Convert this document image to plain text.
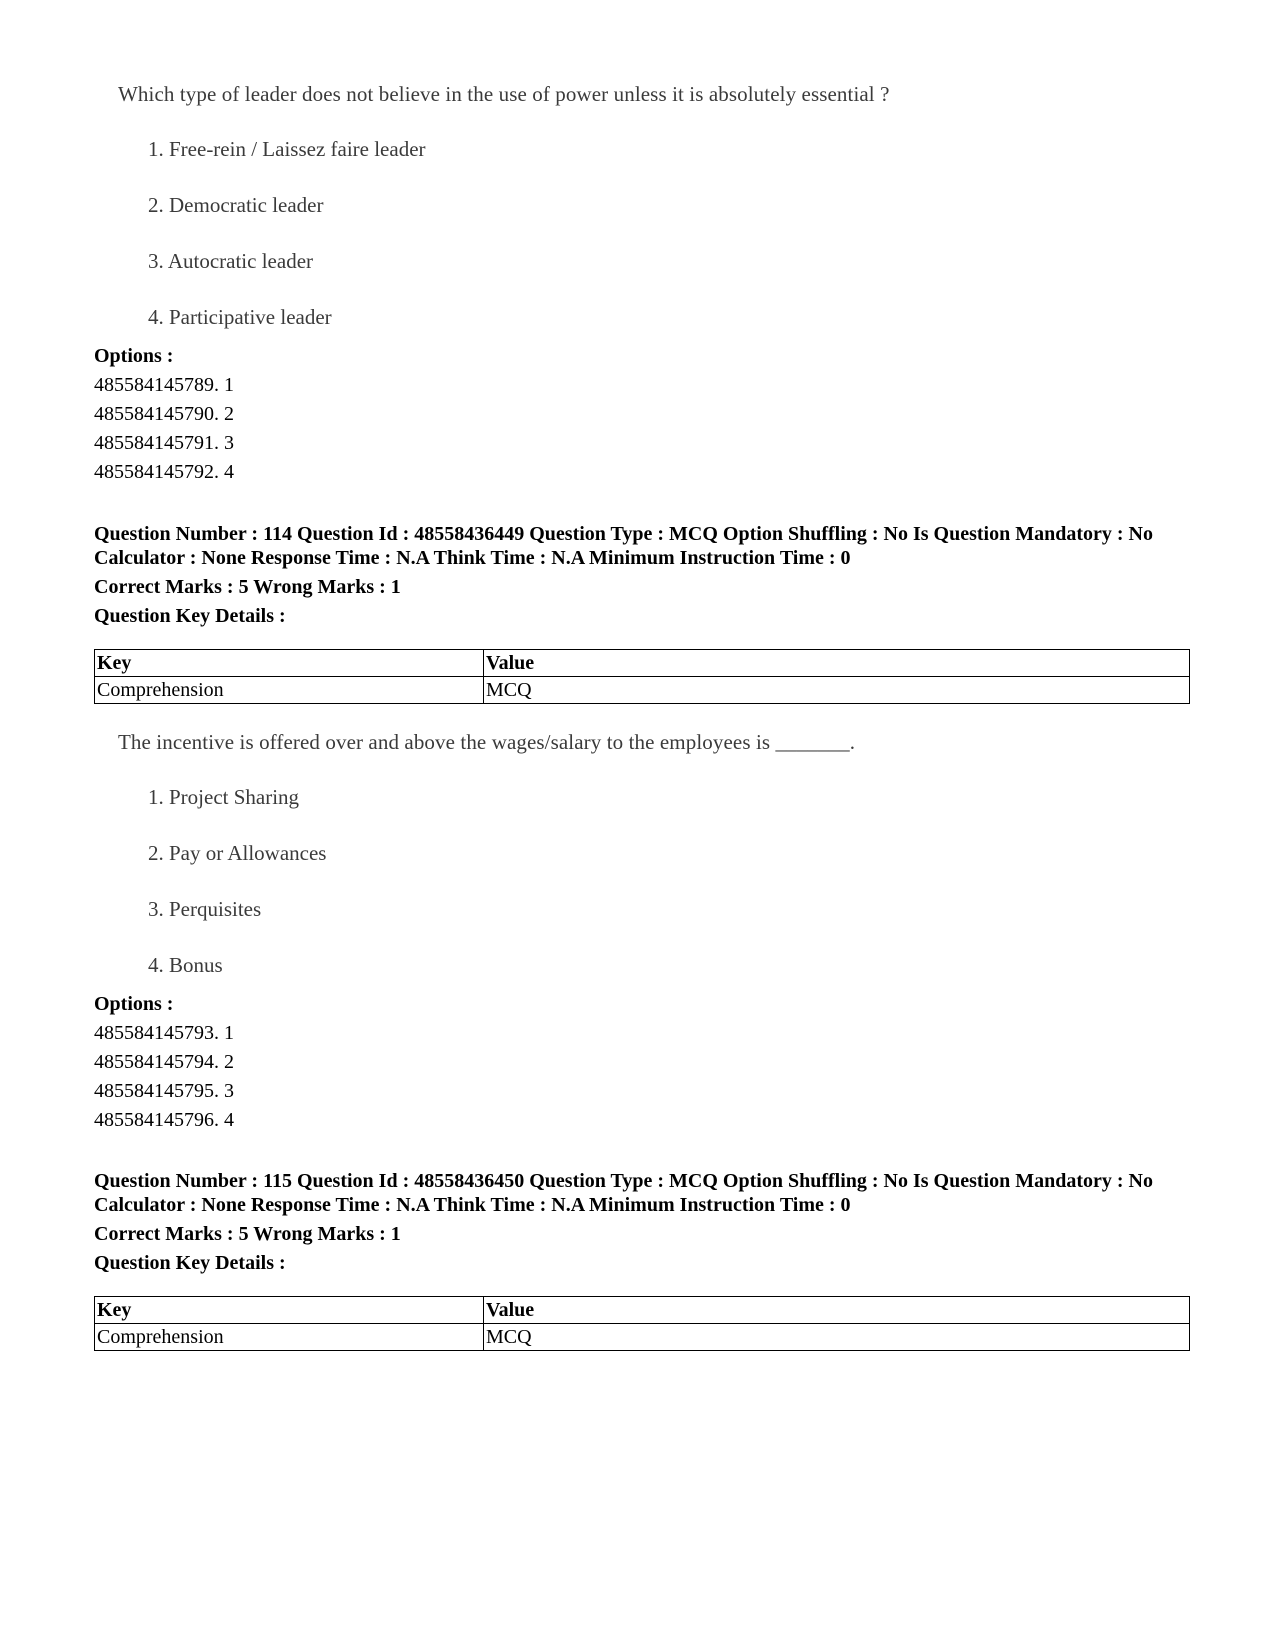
Which type of leader does not believe in the use of power unless it is absolutely essential ?
1. Free-rein / Laissez faire leader
2. Democratic leader
3. Autocratic leader
4. Participative leader
Options :
485584145789. 1
485584145790. 2
485584145791. 3
485584145792. 4
Question Number : 114 Question Id : 48558436449 Question Type : MCQ Option Shuffling : No Is Question Mandatory : No Calculator : None Response Time : N.A Think Time : N.A Minimum Instruction Time : 0
Correct Marks : 5 Wrong Marks : 1
Question Key Details :
Key	Value
Comprehension	MCQ
The incentive is offered over and above the wages/salary to the employees is _______.
1. Project Sharing
2. Pay or Allowances
3. Perquisites
4. Bonus
Options :
485584145793. 1
485584145794. 2
485584145795. 3
485584145796. 4
Question Number : 115 Question Id : 48558436450 Question Type : MCQ Option Shuffling : No Is Question Mandatory : No Calculator : None Response Time : N.A Think Time : N.A Minimum Instruction Time : 0
Correct Marks : 5 Wrong Marks : 1
Question Key Details :
Key	Value
Comprehension	MCQ
